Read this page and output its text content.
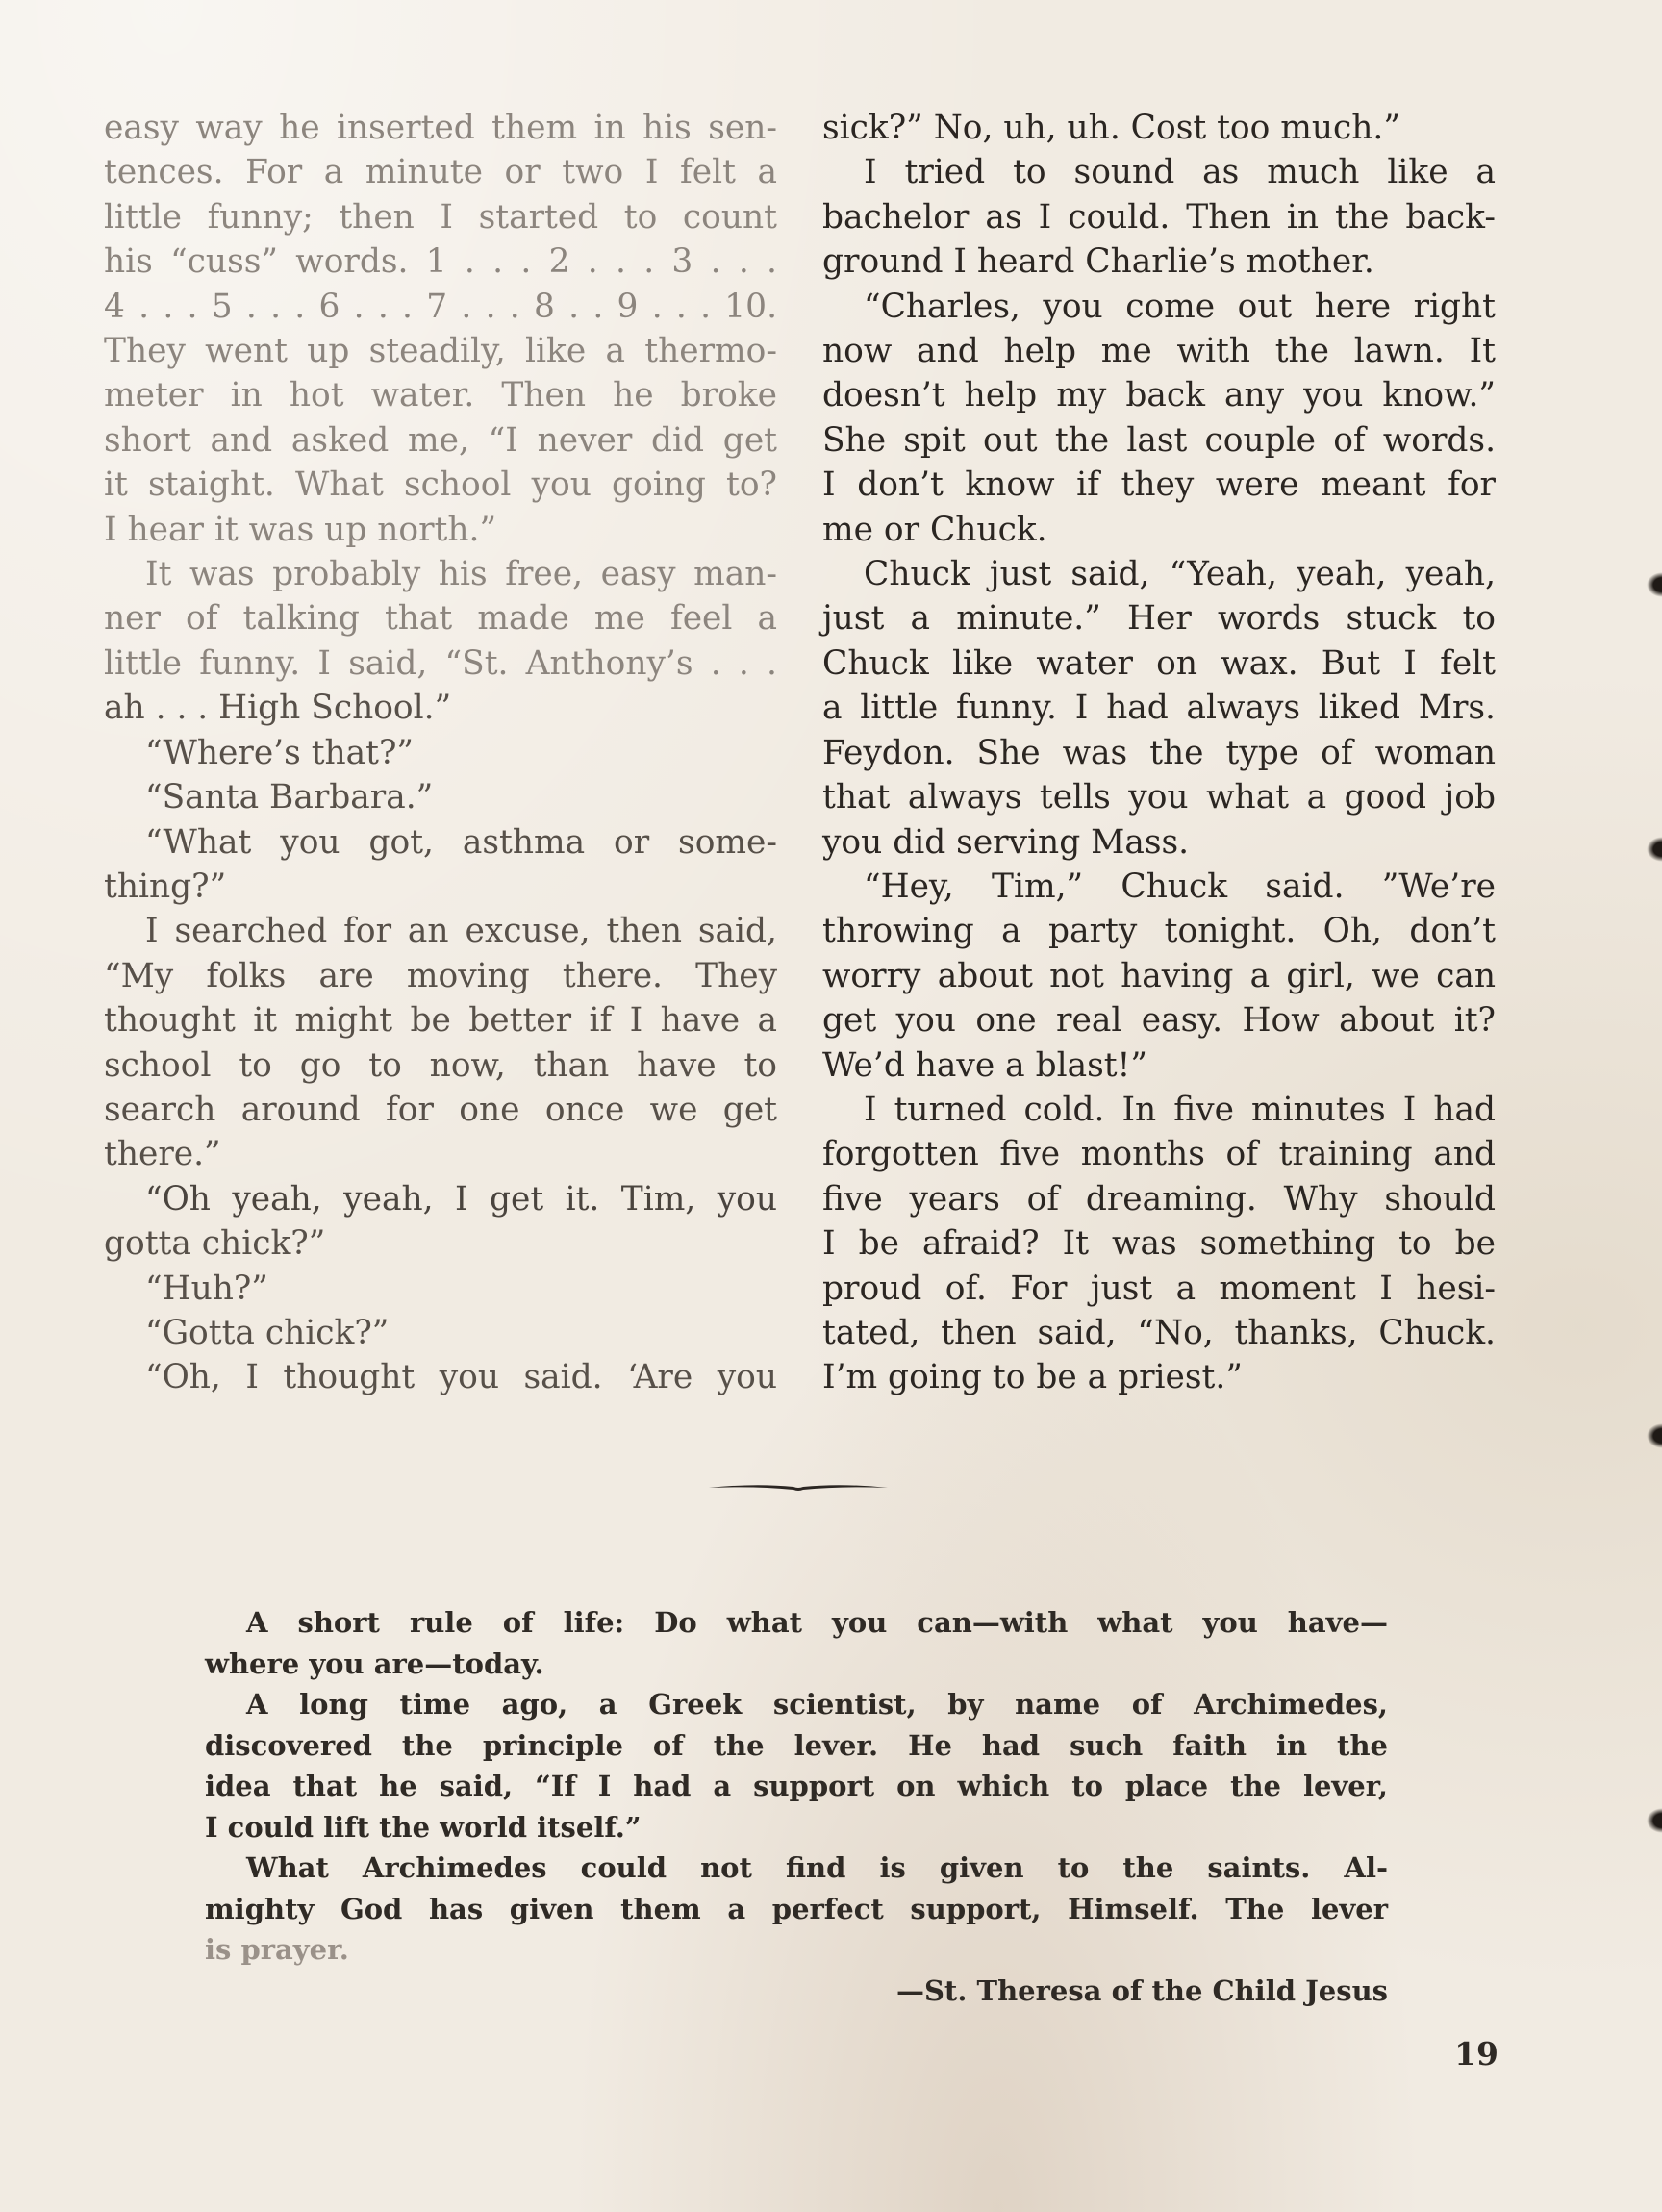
easy way he inserted them in his sen-
tences. For a minute or two I felt a
little funny; then I started to count
his “cuss” words. 1 . . . 2 . . . 3 . . .
4 . . . 5 . . . 6 . . . 7 . . . 8 . . 9 . . . 10.
They went up steadily, like a thermo-
meter in hot water. Then he broke
short and asked me, “I never did get
it staight. What school you going to?
I hear it was up north.”
It was probably his free, easy man-
ner of talking that made me feel a
little funny. I said, “St. Anthony’s . . .
ah . . . High School.”
“Where’s that?”
“Santa Barbara.”
“What you got, asthma or some-
thing?”
I searched for an excuse, then said,
“My folks are moving there. They
thought it might be better if I have a
school to go to now, than have to
search around for one once we get
there.”
“Oh yeah, yeah, I get it. Tim, you
gotta chick?”
“Huh?”
“Gotta chick?”
“Oh, I thought you said. ‘Are you
sick?” No, uh, uh. Cost too much.”
I tried to sound as much like a
bachelor as I could. Then in the back-
ground I heard Charlie’s mother.
“Charles, you come out here right
now and help me with the lawn. It
doesn’t help my back any you know.”
She spit out the last couple of words.
I don’t know if they were meant for
me or Chuck.
Chuck just said, “Yeah, yeah, yeah,
just a minute.” Her words stuck to
Chuck like water on wax. But I felt
a little funny. I had always liked Mrs.
Feydon. She was the type of woman
that always tells you what a good job
you did serving Mass.
“Hey, Tim,” Chuck said. ”We’re
throwing a party tonight. Oh, don’t
worry about not having a girl, we can
get you one real easy. How about it?
We’d have a blast!”
I turned cold. In five minutes I had
forgotten five months of training and
five years of dreaming. Why should
I be afraid? It was something to be
proud of. For just a moment I hesi-
tated, then said, “No, thanks, Chuck.
I’m going to be a priest.”
A short rule of life: Do what you can—with what you have—
where you are—today.
A long time ago, a Greek scientist, by name of Archimedes,
discovered the principle of the lever. He had such faith in the
idea that he said, “If I had a support on which to place the lever,
I could lift the world itself.”
What Archimedes could not find is given to the saints. Al-
mighty God has given them a perfect support, Himself. The lever
is prayer.
—St. Theresa of the Child Jesus
19
